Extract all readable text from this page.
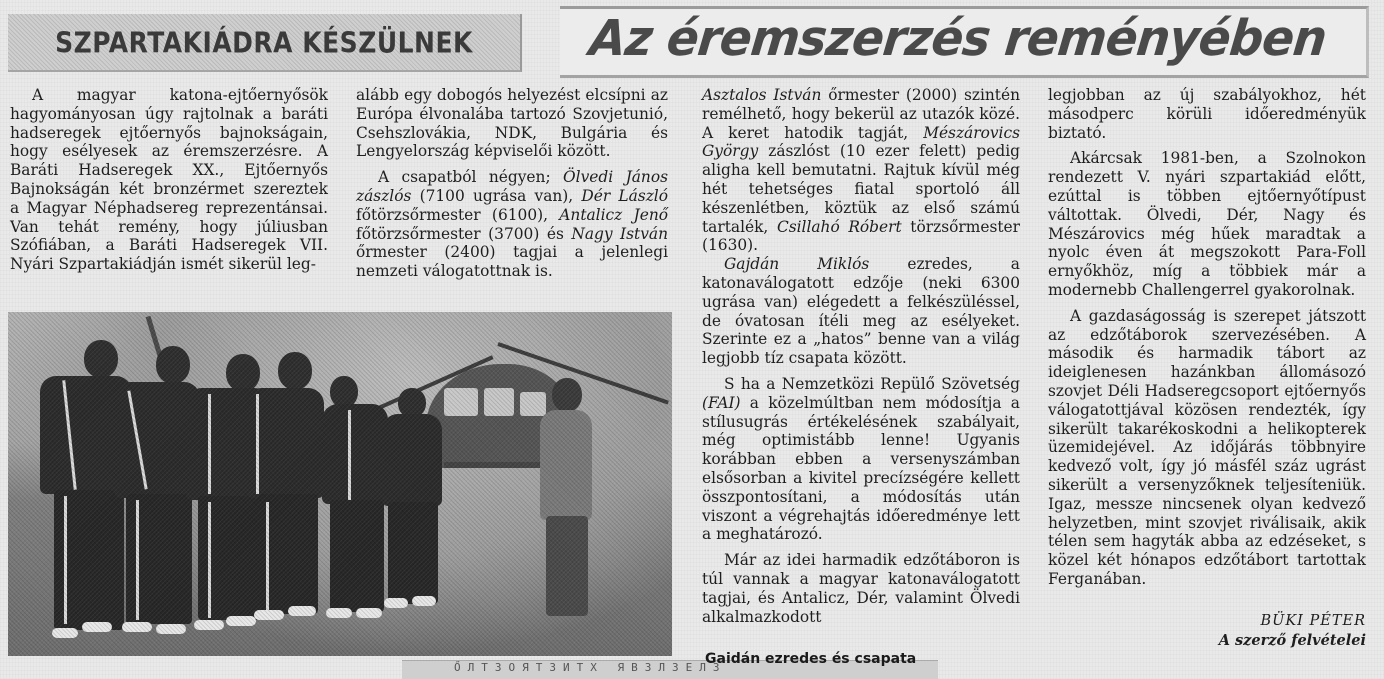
SZPARTAKIÁDRA KÉSZÜLNEK Az éremszerzés reményében

A magyar katona-ejtőernyősök hagyományosan úgy rajtolnak a baráti hadseregek ejtőernyős bajnokságain, hogy esélyesek az éremszerzésre. A Baráti Hadseregek XX., Ejtőernyős Bajnokságán két bronzérmet szereztek a Magyar Néphadsereg reprezentánsai. Van tehát remény, hogy júliusban Szófiában, a Baráti Hadseregek VII. Nyári Szpartakiádján ismét sikerül leg-

alább egy dobogós helyezést elcsípni az Európa élvonalába tartozó Szovjetunió, Csehszlovákia, NDK, Bulgária és Lengyelország képviselői között.

A csapatból négyen; Ölvedi János zászlós (7100 ugrása van), Dér László főtörzsőrmester (6100), Antalicz Jenő főtörzsőrmester (3700) és Nagy István őrmester (2400) tagjai a jelenlegi nemzeti válogatottnak is.

Asztalos István őrmester (2000) szintén remélhető, hogy bekerül az utazók közé. A keret hatodik tagját, Mészárovics György zászlóst (10 ezer felett) pedig aligha kell bemutatni. Rajtuk kívül még hét tehetséges fiatal sportoló áll készenlétben, köztük az első számú tartalék, Csillahó Róbert törzsőrmester (1630).

Gajdán Miklós ezredes, a katonaválogatott edzője (neki 6300 ugrása van) elégedett a felkészüléssel, de óvatosan ítéli meg az esélyeket. Szerinte ez a „hatos” benne van a világ legjobb tíz csapata között.

S ha a Nemzetközi Repülő Szövetség (FAI) a közelmúltban nem módosítja a stílusugrás értékelésének szabályait, még optimistább lenne! Ugyanis korábban ebben a versenyszámban elsősorban a kivitel precízségére kellett összpontosítani, a módosítás után viszont a végrehajtás időeredménye lett a meghatározó.

Már az idei harmadik edzőtáboron is túl vannak a magyar katonaválogatott tagjai, és Antalicz, Dér, valamint Ölvedi alkalmazkodott

legjobban az új szabályokhoz, hét másodperc körüli időeredményük biztató.

Akárcsak 1981-ben, a Szolnokon rendezett V. nyári szpartakiád előtt, ezúttal is többen ejtőernyőtípust váltottak. Ölvedi, Dér, Nagy és Mészárovics még hűek maradtak a nyolc éven át megszokott Para-Foll ernyőkhöz, míg a többiek már a modernebb Challengerrel gyakorolnak.

A gazdaságosság is szerepet játszott az edzőtáborok szervezésében. A második és harmadik tábort az ideiglenesen hazánkban állomásozó szovjet Déli Hadseregcsoport ejtőernyős válogatottjával közösen rendezték, így sikerült takarékoskodni a helikopterek üzemidejével. Az időjárás többnyire kedvező volt, így jó másfél száz ugrást sikerült a versenyzőknek teljesíteniük. Igaz, messze nincsenek olyan kedvező helyzetben, mint szovjet riválisaik, akik télen sem hagyták abba az edzéseket, s közel két hónapos edzőtábort tartottak Ferganában.

BÜKI PÉTER
A szerző felvételei
ŐЛТЗОЯТЗИТХ ЯВЗЛЗЕЛЗ
Gaidán ezredes és csapata
